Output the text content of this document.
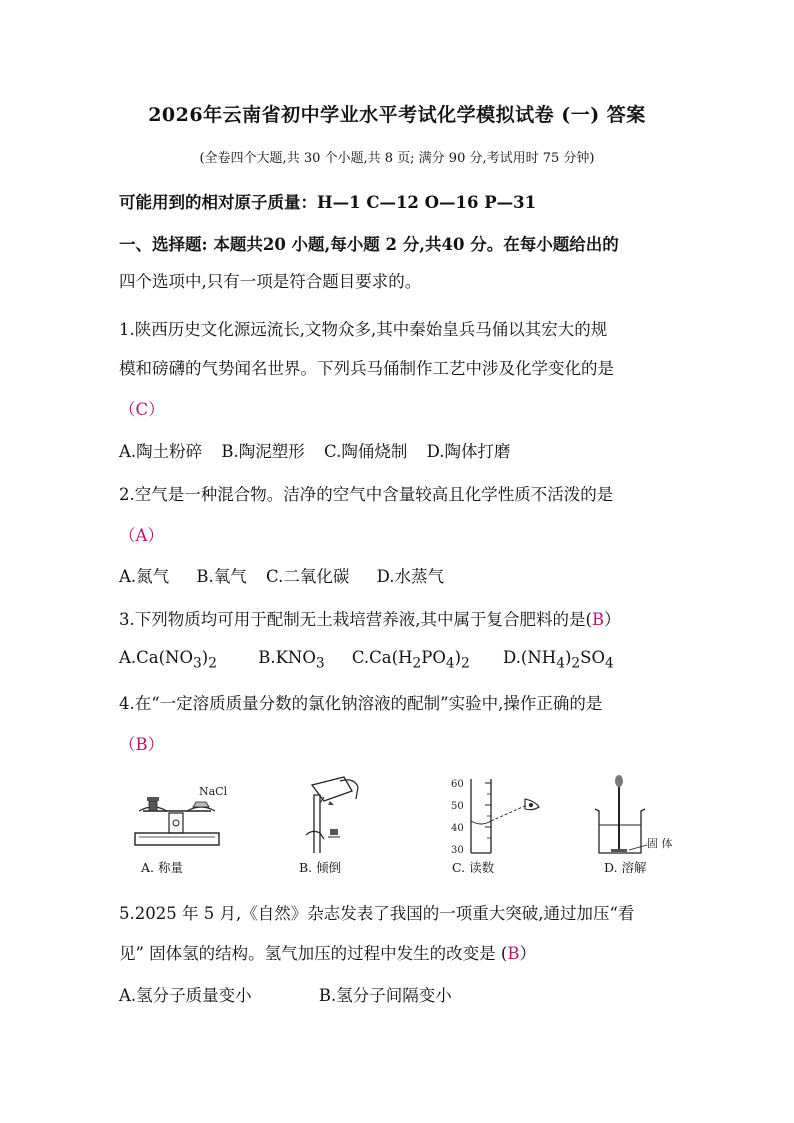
2026年云南省初中学业水平考试化学模拟试卷 (一) 答案
(全卷四个大题,共 30 个小题,共 8 页; 满分 90 分,考试用时 75 分钟)
可能用到的相对原子质量：H—1 C—12 O—16 P—31
一、选择题: 本题共20 小题,每小题 2 分,共40 分。在每小题给出的
四个选项中,只有一项是符合题目要求的。
1.陕西历史文化源远流长,文物众多,其中秦始皇兵马俑以其宏大的规
模和磅礴的气势闻名世界。下列兵马俑制作工艺中涉及化学变化的是
（C）
A.陶土粉碎 B.陶泥塑形 C.陶俑烧制 D.陶体打磨
2.空气是一种混合物。洁净的空气中含量较高且化学性质不活泼的是
（A）
A.氮气 B.氧气 C.二氧化碳 D.水蒸气
3.下列物质均可用于配制无土栽培营养液,其中属于复合肥料的是(B）
$A.Ca(NO_3)_2$	$B.KNO_3$ $C.Ca(H_2PO_4)_2$ $D.(NH_4)_2SO_4$
4.在“一定溶质质量分数的氯化钠溶液的配制”实验中,操作正确的是
（B）
NaCl
60
50
40
30
固 体
A. 称量	B. 倾倒	C. 读数	D. 溶解
5.2025 年 5 月,《自然》杂志发表了我国的一项重大突破,通过加压“看
见” 固体氢的结构。氢气加压的过程中发生的改变是 (B）
A.氢分子质量变小	B.氢分子间隔变小
